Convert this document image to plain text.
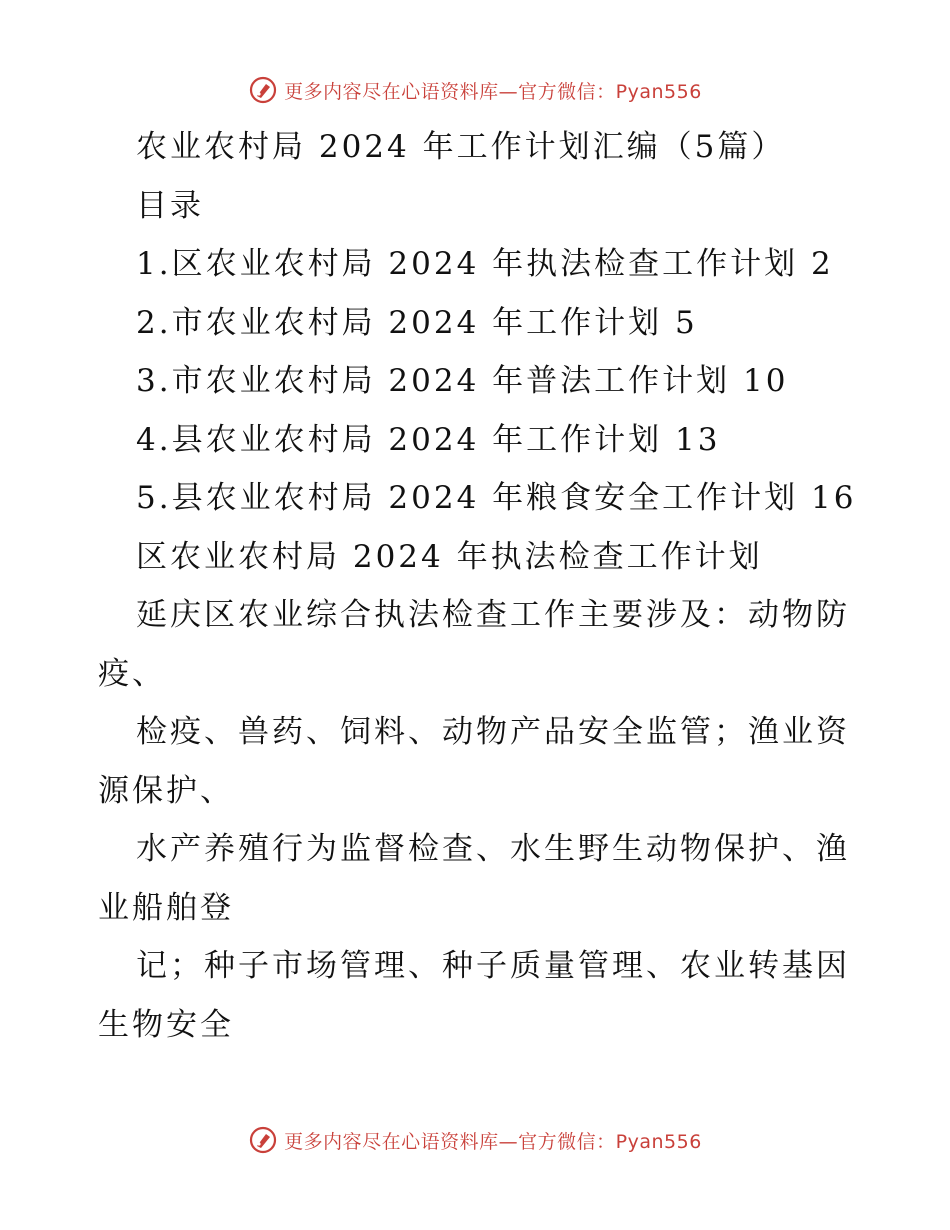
更多内容尽在心语资料库—官方微信：Pyan556
农业农村局 2024 年工作计划汇编（5篇）
目录
1.区农业农村局 2024 年执法检查工作计划 2
2.市农业农村局 2024 年工作计划 5
3.市农业农村局 2024 年普法工作计划 10
4.县农业农村局 2024 年工作计划 13
5.县农业农村局 2024 年粮食安全工作计划 16
区农业农村局 2024 年执法检查工作计划
延庆区农业综合执法检查工作主要涉及：动物防疫、
检疫、兽药、饲料、动物产品安全监管；渔业资源保护、
水产养殖行为监督检查、水生野生动物保护、渔业船舶登
记；种子市场管理、种子质量管理、农业转基因生物安全
更多内容尽在心语资料库—官方微信：Pyan556
